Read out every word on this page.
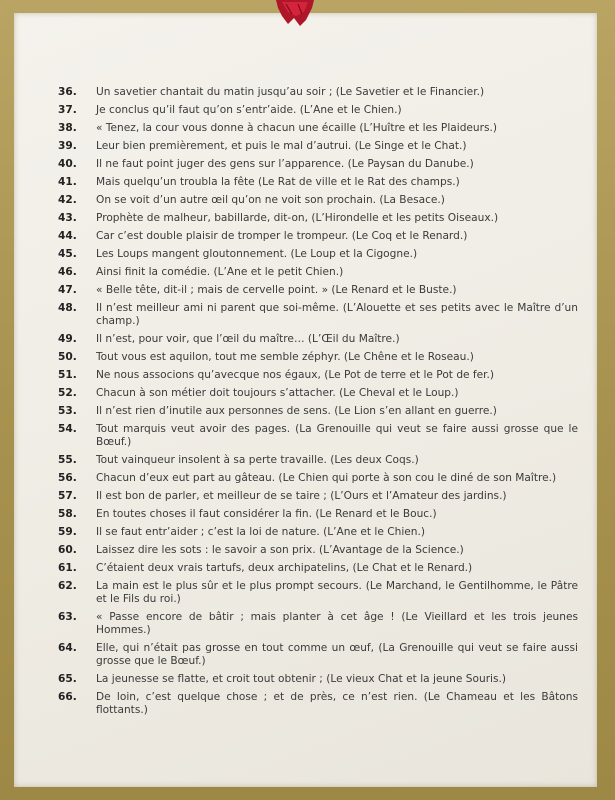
36.	Un savetier chantait du matin jusqu’au soir ; (Le Savetier et le Financier.)
37.	Je conclus qu’il faut qu’on s’entr’aide. (L’Ane et le Chien.)
38.	« Tenez, la cour vous donne à chacun une écaille (L’Huître et les Plaideurs.)
39.	Leur bien premièrement, et puis le mal d’autrui. (Le Singe et le Chat.)
40.	Il ne faut point juger des gens sur l’apparence. (Le Paysan du Danube.)
41.	Mais quelqu’un troubla la fête (Le Rat de ville et le Rat des champs.)
42.	On se voit d’un autre œil qu’on ne voit son prochain. (La Besace.)
43.	Prophète de malheur, babillarde, dit-on, (L’Hirondelle et les petits Oiseaux.)
44.	Car c’est double plaisir de tromper le trompeur. (Le Coq et le Renard.)
45.	Les Loups mangent gloutonnement. (Le Loup et la Cigogne.)
46.	Ainsi finit la comédie. (L’Ane et le petit Chien.)
47.	« Belle tête, dit-il ; mais de cervelle point. » (Le Renard et le Buste.)
48.	Il n’est meilleur ami ni parent que soi-même. (L’Alouette et ses petits avec le Maître d’un champ.)
49.	Il n’est, pour voir, que l’œil du maître… (L’Œil du Maître.)
50.	Tout vous est aquilon, tout me semble zéphyr. (Le Chêne et le Roseau.)
51.	Ne nous associons qu’avecque nos égaux, (Le Pot de terre et le Pot de fer.)
52.	Chacun à son métier doit toujours s’attacher. (Le Cheval et le Loup.)
53.	Il n’est rien d’inutile aux personnes de sens. (Le Lion s’en allant en guerre.)
54.	Tout marquis veut avoir des pages. (La Grenouille qui veut se faire aussi grosse que le Bœuf.)
55.	Tout vainqueur insolent à sa perte travaille. (Les deux Coqs.)
56.	Chacun d’eux eut part au gâteau. (Le Chien qui porte à son cou le diné de son Maître.)
57.	Il est bon de parler, et meilleur de se taire ; (L’Ours et l’Amateur des jardins.)
58.	En toutes choses il faut considérer la fin. (Le Renard et le Bouc.)
59.	Il se faut entr’aider ; c’est la loi de nature. (L’Ane et le Chien.)
60.	Laissez dire les sots : le savoir a son prix. (L’Avantage de la Science.)
61.	C’étaient deux vrais tartufs, deux archipatelins, (Le Chat et le Renard.)
62.	La main est le plus sûr et le plus prompt secours. (Le Marchand, le Gentilhomme, le Pâtre et le Fils du roi.)
63.	« Passe encore de bâtir ; mais planter à cet âge ! (Le Vieillard et les trois jeunes Hommes.)
64.	Elle, qui n’était pas grosse en tout comme un œuf, (La Grenouille qui veut se faire aussi grosse que le Bœuf.)
65.	La jeunesse se flatte, et croit tout obtenir ; (Le vieux Chat et la jeune Souris.)
66.	De loin, c’est quelque chose ; et de près, ce n’est rien. (Le Chameau et les Bâtons flottants.)
